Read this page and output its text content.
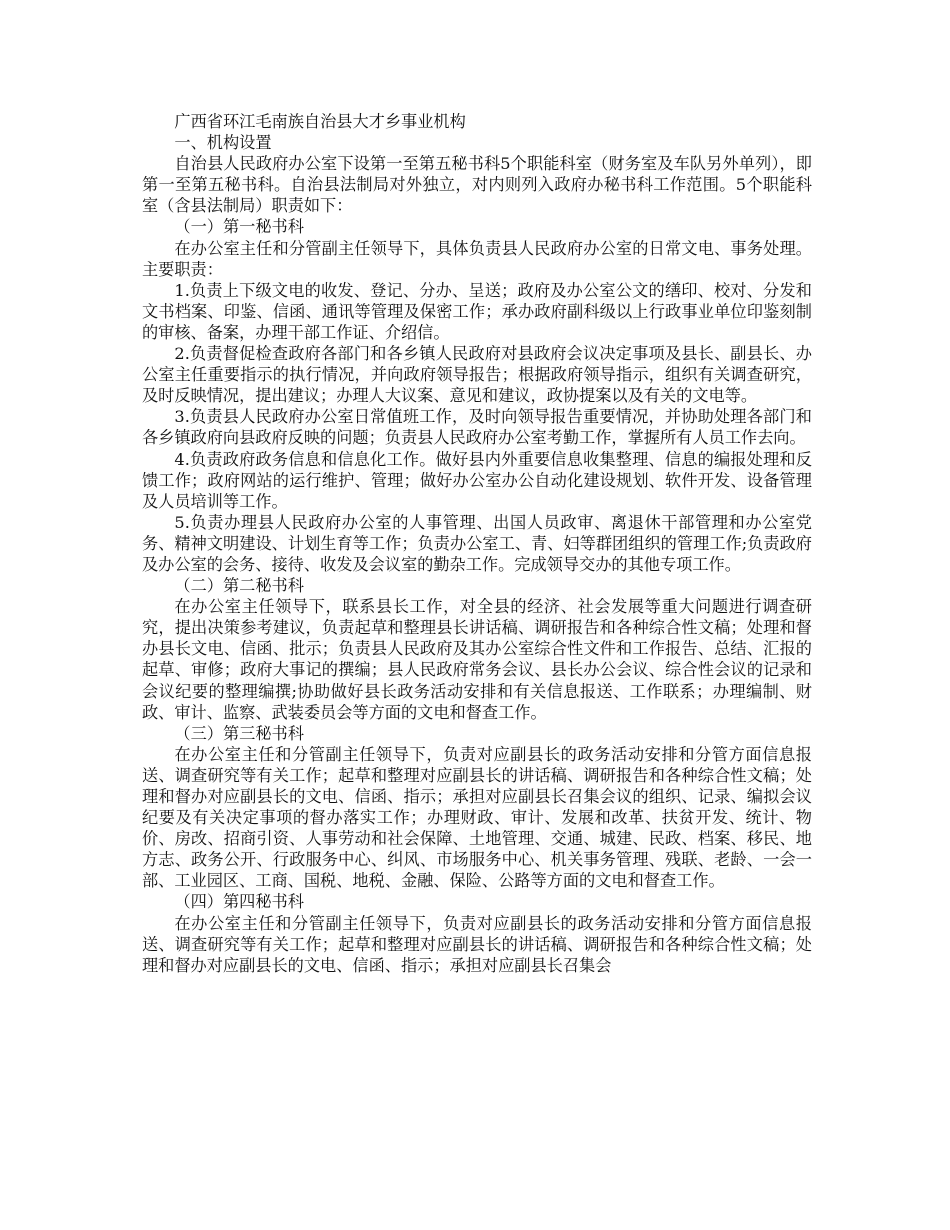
广西省环江毛南族自治县大才乡事业机构

一、机构设置

自治县人民政府办公室下设第一至第五秘书科5个职能科室（财务室及车队另外单列），即第一至第五秘书科。自治县法制局对外独立，对内则列入政府办秘书科工作范围。5个职能科室（含县法制局）职责如下：

（一）第一秘书科

在办公室主任和分管副主任领导下，具体负责县人民政府办公室的日常文电、事务处理。主要职责：

1.负责上下级文电的收发、登记、分办、呈送；政府及办公室公文的缮印、校对、分发和文书档案、印鉴、信函、通讯等管理及保密工作；承办政府副科级以上行政事业单位印鉴刻制的审核、备案，办理干部工作证、介绍信。

2.负责督促检查政府各部门和各乡镇人民政府对县政府会议决定事项及县长、副县长、办公室主任重要指示的执行情况，并向政府领导报告；根据政府领导指示，组织有关调查研究，及时反映情况，提出建议；办理人大议案、意见和建议，政协提案以及有关的文电等。

3.负责县人民政府办公室日常值班工作，及时向领导报告重要情况，并协助处理各部门和各乡镇政府向县政府反映的问题；负责县人民政府办公室考勤工作，掌握所有人员工作去向。

4.负责政府政务信息和信息化工作。做好县内外重要信息收集整理、信息的编报处理和反馈工作；政府网站的运行维护、管理；做好办公室办公自动化建设规划、软件开发、设备管理及人员培训等工作。

5.负责办理县人民政府办公室的人事管理、出国人员政审、离退休干部管理和办公室党务、精神文明建设、计划生育等工作；负责办公室工、青、妇等群团组织的管理工作;负责政府及办公室的会务、接待、收发及会议室的勤杂工作。完成领导交办的其他专项工作。

（二）第二秘书科

在办公室主任领导下，联系县长工作，对全县的经济、社会发展等重大问题进行调查研究，提出决策参考建议，负责起草和整理县长讲话稿、调研报告和各种综合性文稿；处理和督办县长文电、信函、批示；负责县人民政府及其办公室综合性文件和工作报告、总结、汇报的起草、审修；政府大事记的撰编；县人民政府常务会议、县长办公会议、综合性会议的记录和会议纪要的整理编撰;协助做好县长政务活动安排和有关信息报送、工作联系；办理编制、财政、审计、监察、武装委员会等方面的文电和督查工作。

（三）第三秘书科

在办公室主任和分管副主任领导下，负责对应副县长的政务活动安排和分管方面信息报送、调查研究等有关工作；起草和整理对应副县长的讲话稿、调研报告和各种综合性文稿；处理和督办对应副县长的文电、信函、指示；承担对应副县长召集会议的组织、记录、编拟会议纪要及有关决定事项的督办落实工作；办理财政、审计、发展和改革、扶贫开发、统计、物价、房改、招商引资、人事劳动和社会保障、土地管理、交通、城建、民政、档案、移民、地方志、政务公开、行政服务中心、纠风、市场服务中心、机关事务管理、残联、老龄、一会一部、工业园区、工商、国税、地税、金融、保险、公路等方面的文电和督查工作。

（四）第四秘书科

在办公室主任和分管副主任领导下，负责对应副县长的政务活动安排和分管方面信息报送、调查研究等有关工作；起草和整理对应副县长的讲话稿、调研报告和各种综合性文稿；处理和督办对应副县长的文电、信函、指示；承担对应副县长召集会
